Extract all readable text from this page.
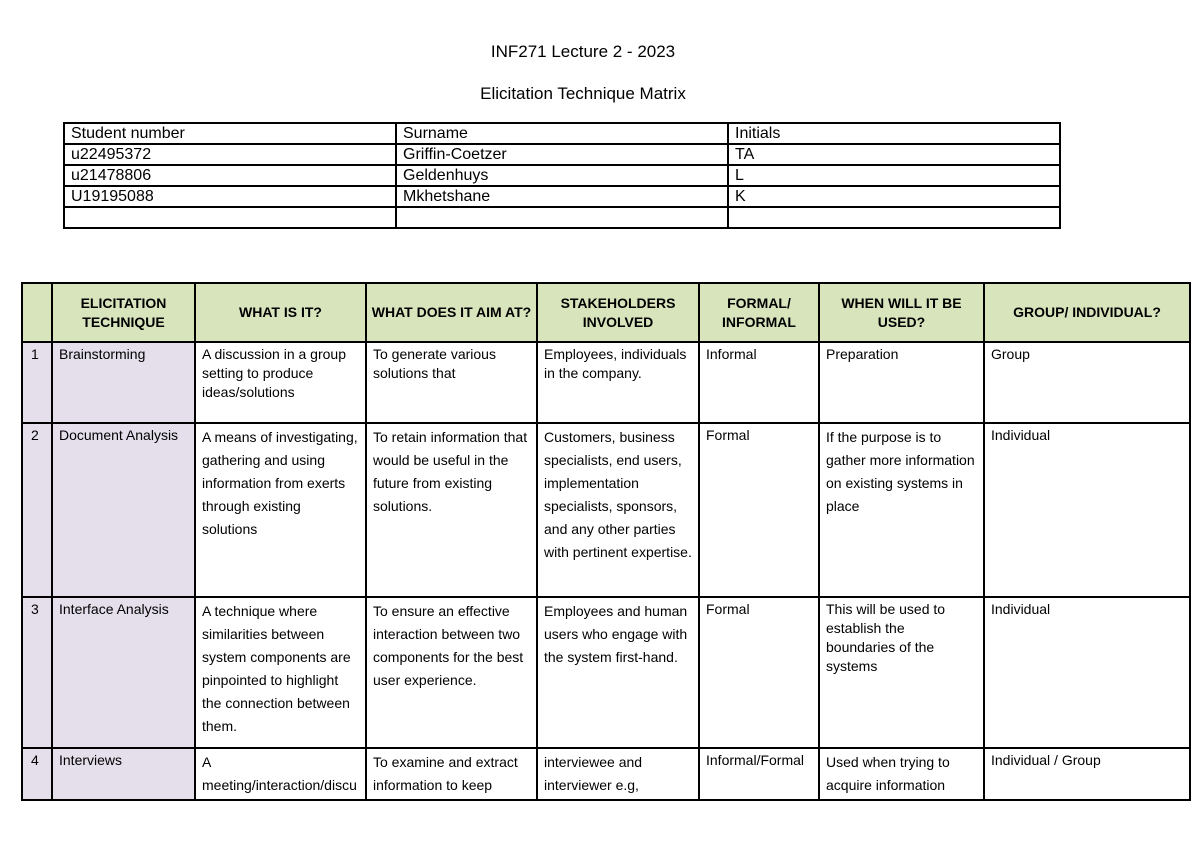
INF271 Lecture 2 - 2023
Elicitation Technique Matrix
Student number	Surname	Initials
u22495372	Griffin-Coetzer	TA
u21478806	Geldenhuys	L
U19195088	Mkhetshane	K

	ELICITATION TECHNIQUE	WHAT IS IT?	WHAT DOES IT AIM AT?	STAKEHOLDERS INVOLVED	FORMAL/ INFORMAL	WHEN WILL IT BE USED?	GROUP/ INDIVIDUAL?
1	Brainstorming	A discussion in a group setting to produce ideas/solutions	To generate various solutions that	Employees, individuals in the company.	Informal	Preparation	Group
2	Document Analysis	A means of investigating, gathering and using information from exerts through existing solutions	To retain information that would be useful in the future from existing solutions.	Customers, business specialists, end users, implementation specialists, sponsors, and any other parties with pertinent expertise.	Formal	If the purpose is to gather more information on existing systems in place	Individual
3	Interface Analysis	A technique where similarities between system components are pinpointed to highlight the connection between them.	To ensure an effective interaction between two components for the best user experience.	Employees and human users who engage with the system first-hand.	Formal	This will be used to establish the boundaries of the systems	Individual
4	Interviews	A meeting/interaction/discu	To examine and extract information to keep	interviewee and interviewer e.g,	Informal/Formal	Used when trying to acquire information	Individual / Group
